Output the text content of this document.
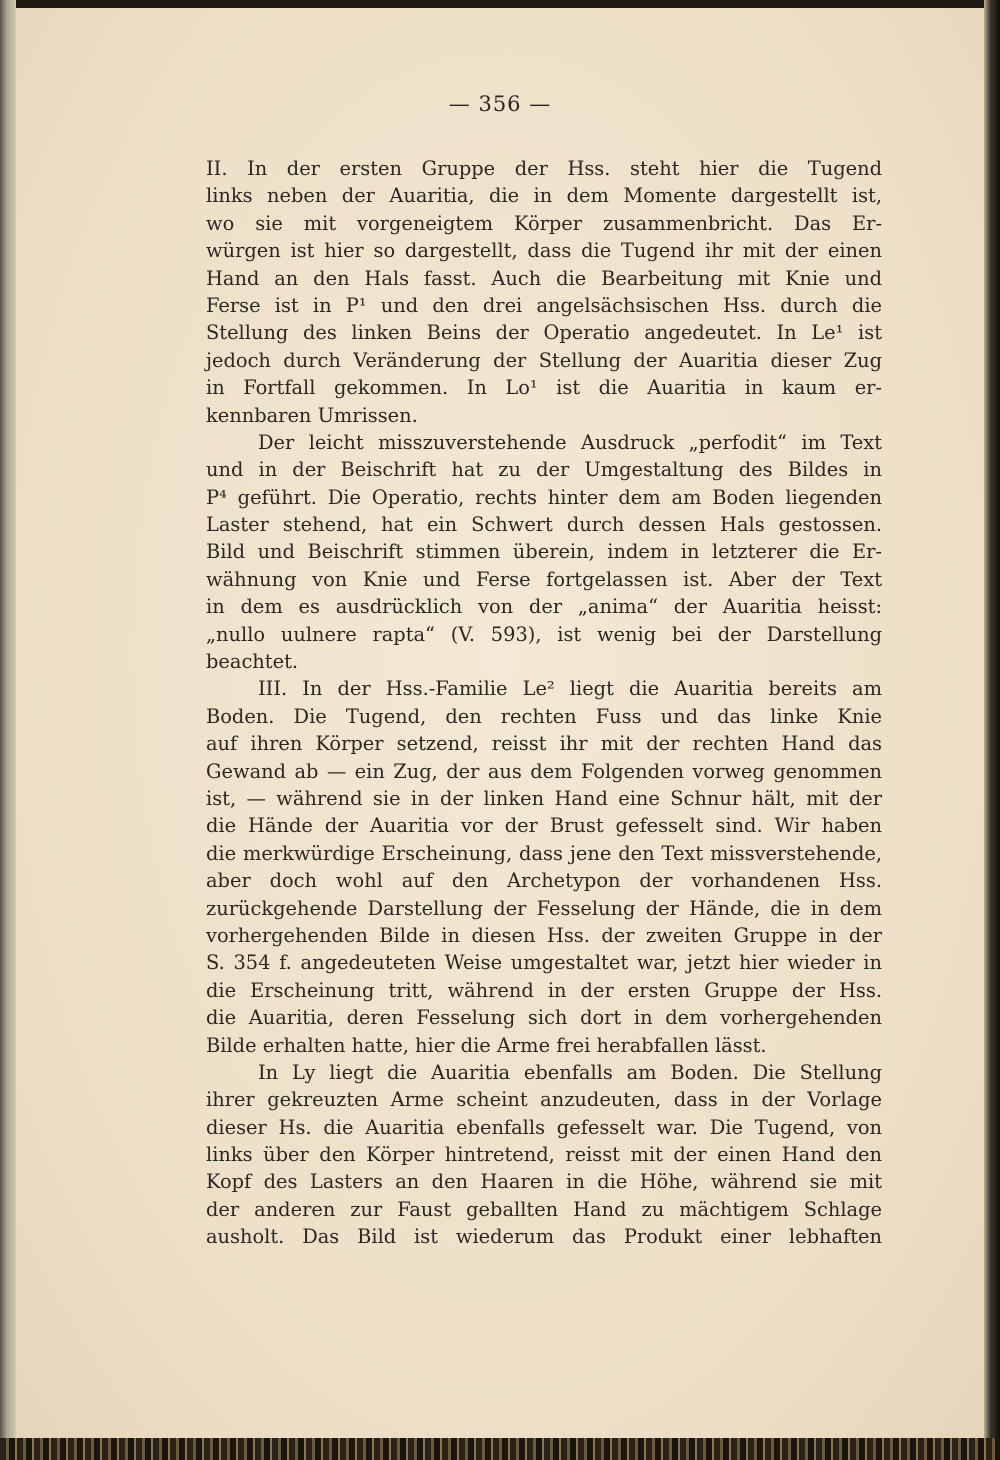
— 356 —
II. In der ersten Gruppe der Hss. steht hier die Tugend
links neben der Auaritia, die in dem Momente dargestellt ist,
wo sie mit vorgeneigtem Körper zusammenbricht. Das Er-
würgen ist hier so dargestellt, dass die Tugend ihr mit der einen
Hand an den Hals fasst. Auch die Bearbeitung mit Knie und
Ferse ist in P¹ und den drei angelsächsischen Hss. durch die
Stellung des linken Beins der Operatio angedeutet. In Le¹ ist
jedoch durch Veränderung der Stellung der Auaritia dieser Zug
in Fortfall gekommen. In Lo¹ ist die Auaritia in kaum er-
kennbaren Umrissen.
Der leicht misszuverstehende Ausdruck „perfodit“ im Text
und in der Beischrift hat zu der Umgestaltung des Bildes in
P⁴ geführt. Die Operatio, rechts hinter dem am Boden liegenden
Laster stehend, hat ein Schwert durch dessen Hals gestossen.
Bild und Beischrift stimmen überein, indem in letzterer die Er-
wähnung von Knie und Ferse fortgelassen ist. Aber der Text
in dem es ausdrücklich von der „anima“ der Auaritia heisst:
„nullo uulnere rapta“ (V. 593), ist wenig bei der Darstellung
beachtet.
III. In der Hss.-Familie Le² liegt die Auaritia bereits am
Boden. Die Tugend, den rechten Fuss und das linke Knie
auf ihren Körper setzend, reisst ihr mit der rechten Hand das
Gewand ab — ein Zug, der aus dem Folgenden vorweg genommen
ist, — während sie in der linken Hand eine Schnur hält, mit der
die Hände der Auaritia vor der Brust gefesselt sind. Wir haben
die merkwürdige Erscheinung, dass jene den Text missverstehende,
aber doch wohl auf den Archetypon der vorhandenen Hss.
zurückgehende Darstellung der Fesselung der Hände, die in dem
vorhergehenden Bilde in diesen Hss. der zweiten Gruppe in der
S. 354 f. angedeuteten Weise umgestaltet war, jetzt hier wieder in
die Erscheinung tritt, während in der ersten Gruppe der Hss.
die Auaritia, deren Fesselung sich dort in dem vorhergehenden
Bilde erhalten hatte, hier die Arme frei herabfallen lässt.
In Ly liegt die Auaritia ebenfalls am Boden. Die Stellung
ihrer gekreuzten Arme scheint anzudeuten, dass in der Vorlage
dieser Hs. die Auaritia ebenfalls gefesselt war. Die Tugend, von
links über den Körper hintretend, reisst mit der einen Hand den
Kopf des Lasters an den Haaren in die Höhe, während sie mit
der anderen zur Faust geballten Hand zu mächtigem Schlage
ausholt. Das Bild ist wiederum das Produkt einer lebhaften
